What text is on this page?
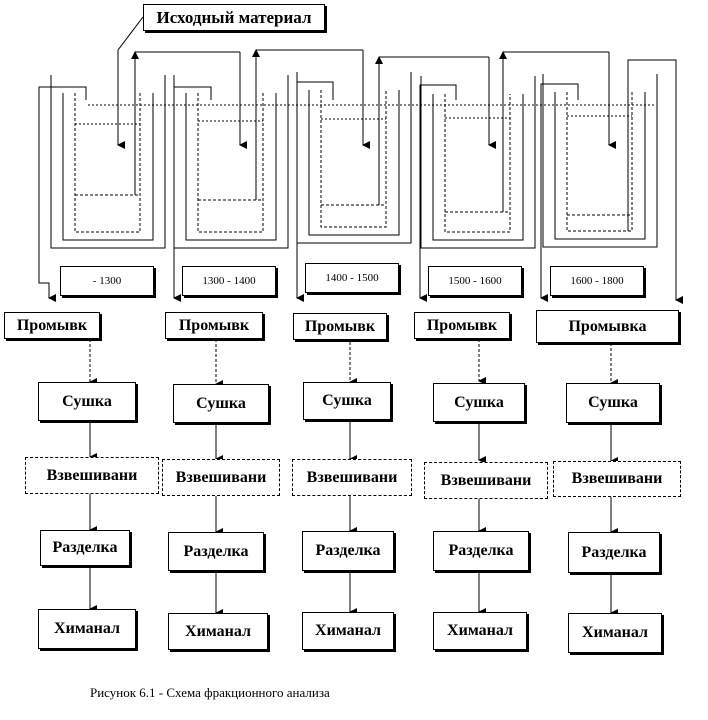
Исходный материал
- 1300	1300 - 1400	1400 - 1500	1500 - 1600	1600 - 1800
Промывк
Сушка
Взвешивани
Разделка
Химанал
Промывк
Сушка
Взвешивани
Разделка
Химанал
Промывк
Сушка
Взвешивани
Разделка
Химанал
Промывк
Сушка
Взвешивани
Разделка
Химанал
Промывка
Сушка
Взвешивани
Разделка
Химанал
Рисунок 6.1 - Схема фракционного анализа
